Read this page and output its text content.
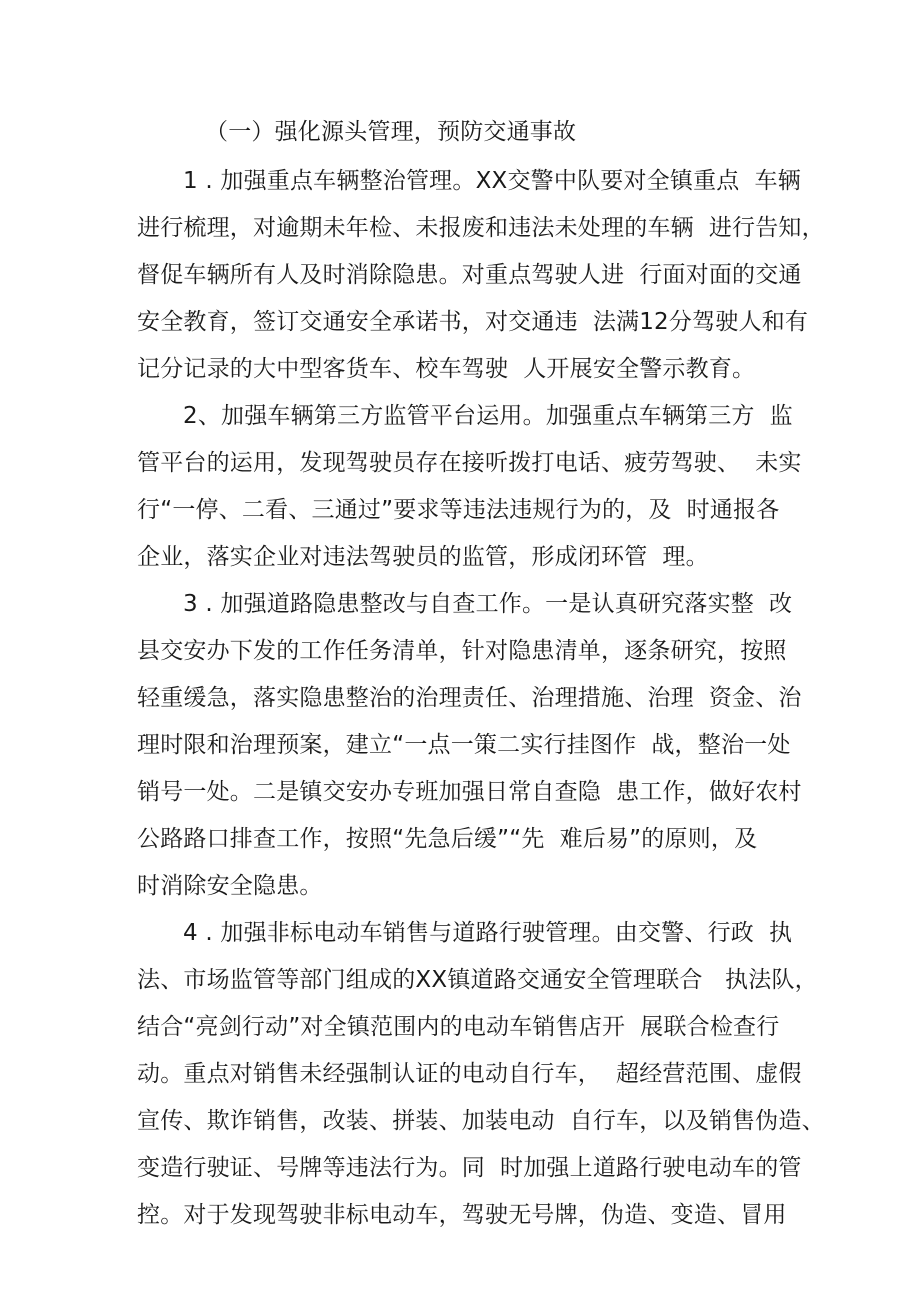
（一）强化源头管理，预防交通事故
1 . 加强重点车辆整治管理。XX交警中队要对全镇重点  车辆
进行梳理，对逾期未年检、未报废和违法未处理的车辆  进行告知，
督促车辆所有人及时消除隐患。对重点驾驶人进  行面对面的交通
安全教育，签订交通安全承诺书，对交通违  法满12分驾驶人和有
记分记录的大中型客货车、校车驾驶  人开展安全警示教育。
2、加强车辆第三方监管平台运用。加强重点车辆第三方  监
管平台的运用，发现驾驶员存在接听拨打电话、疲劳驾驶、  未实
行“一停、二看、三通过”要求等违法违规行为的，及  时通报各
企业，落实企业对违法驾驶员的监管，形成闭环管  理。
3 . 加强道路隐患整改与自查工作。一是认真研究落实整  改
县交安办下发的工作任务清单，针对隐患清单，逐条研究，按照
轻重缓急，落实隐患整治的治理责任、治理措施、治理  资金、治
理时限和治理预案，建立“一点一策二实行挂图作  战，整治一处
销号一处。二是镇交安办专班加强日常自查隐  患工作，做好农村
公路路口排查工作，按照“先急后缓”“先  难后易”的原则，及
时消除安全隐患。
4 . 加强非标电动车销售与道路行驶管理。由交警、行政  执
法、市场监管等部门组成的XX镇道路交通安全管理联合   执法队，
结合“亮剑行动”对全镇范围内的电动车销售店开  展联合检查行
动。重点对销售未经强制认证的电动自行车，  超经营范围、虚假
宣传、欺诈销售，改装、拼装、加装电动  自行车，以及销售伪造、
变造行驶证、号牌等违法行为。同  时加强上道路行驶电动车的管
控。对于发现驾驶非标电动车，驾驶无号牌，伪造、变造、冒用
